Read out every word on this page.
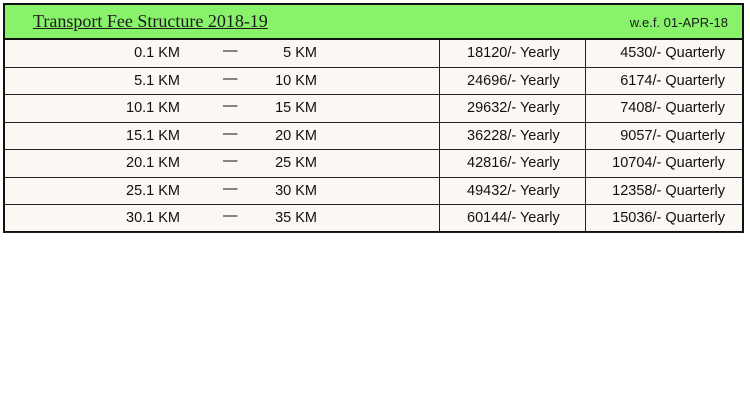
Transport Fee Structure 2018-19	w.e.f. 01-APR-18
0.1 KM	—	5 KM	18120/- Yearly	4530/- Quarterly
5.1 KM	—	10 KM	24696/- Yearly	6174/- Quarterly
10.1 KM	—	15 KM	29632/- Yearly	7408/- Quarterly
15.1 KM	—	20 KM	36228/- Yearly	9057/- Quarterly
20.1 KM	—	25 KM	42816/- Yearly	10704/- Quarterly
25.1 KM	—	30 KM	49432/- Yearly	12358/- Quarterly
30.1 KM	—	35 KM	60144/- Yearly	15036/- Quarterly
